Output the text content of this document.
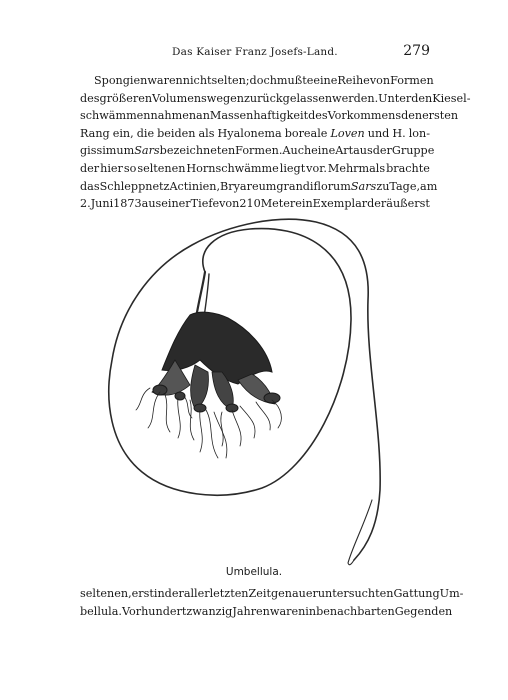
Das Kaiser Franz Josefs-Land.	279
Spongien waren nicht selten; doch mußte eine Reihe von Formen
des größeren Volumens wegen zurückgelassen werden. Unter den Kiesel-
schwämmen nahmen an Massenhaftigkeit des Vorkommens den ersten
Rang ein, die beiden als Hyalonema boreale Loven und H. lon-
gissimum Sars bezeichneten Formen. Auch eine Art aus der Gruppe
der hier so seltenen Hornschwämme liegt vor. Mehrmals brachte
das Schleppnetz Actinien, Bryareum grandiflorum Sars zu Tage, am
2. Juni 1873 aus einer Tiefe von 210 Meter ein Exemplar der äußerst
Umbellula.
seltenen, erst in der allerletzten Zeit genauer untersuchten Gattung Um-
bellula. Vor hundertzwanzig Jahren waren in benachbarten Gegenden
